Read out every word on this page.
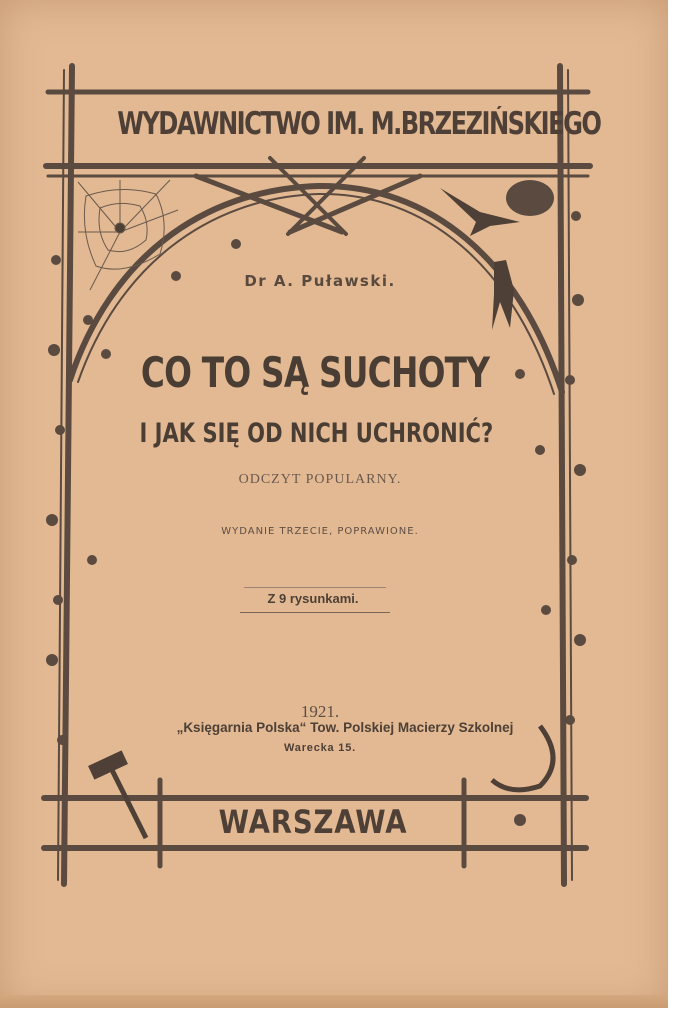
WYDAWNICTWO IM. M.BRZEZIŃSKIEGO
Dr A. Puławski.
CO TO SĄ SUCHOTY
I JAK SIĘ OD NICH UCHRONIĆ?
ODCZYT POPULARNY.
WYDANIE TRZECIE, POPRAWIONE.
Z 9 rysunkami.
1921.
„Księgarnia Polska“ Tow. Polskiej Macierzy Szkolnej
Warecka 15.
WARSZAWA
